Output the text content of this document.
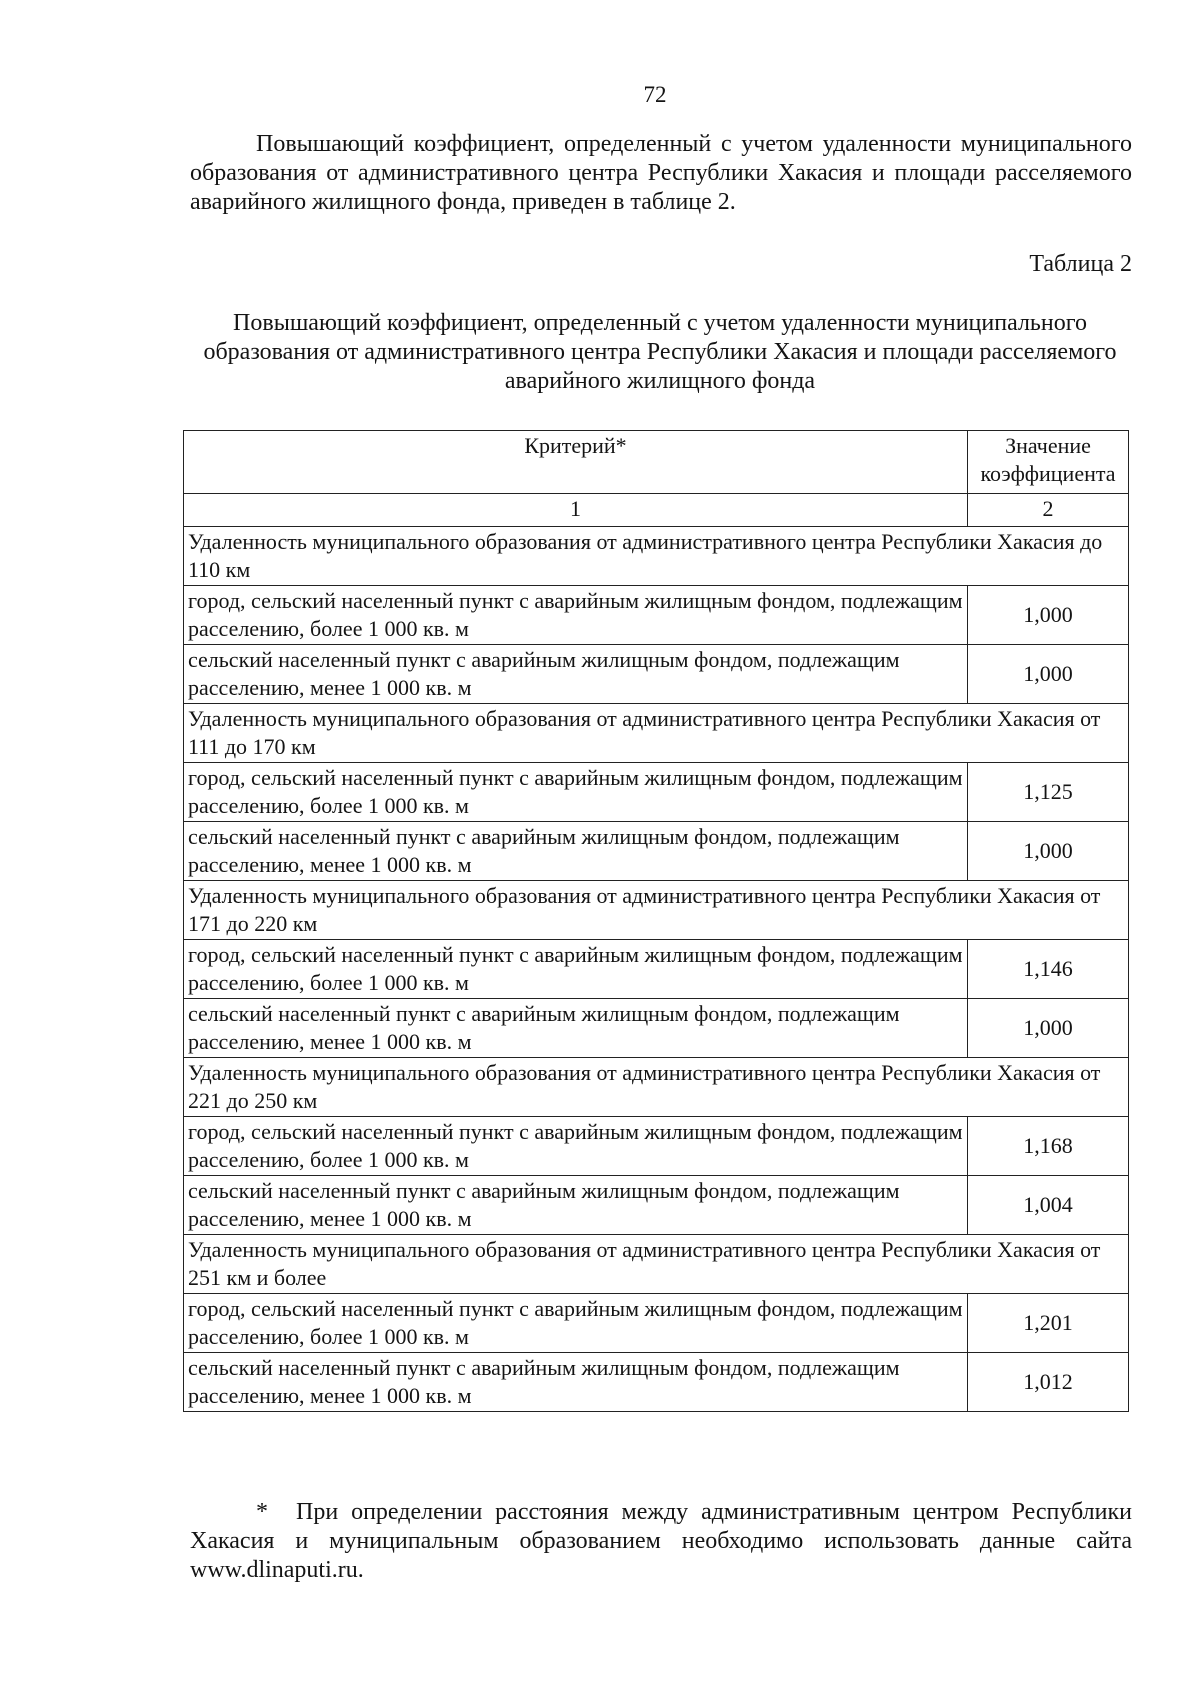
72

Повышающий коэффициент, определенный с учетом удаленности муниципального образования от административного центра Республики Хакасия и площади расселяемого аварийного жилищного фонда, приведен в таблице 2.

Таблица 2
Повышающий коэффициент, определенный с учетом удаленности муниципального образования от административного центра Республики Хакасия и площади расселяемого аварийного жилищного фонда
Критерий*	Значение коэффициента
1	2
Удаленность муниципального образования от административного центра Республики Хакасия до 110 км	
город, сельский населенный пункт с аварийным жилищным фондом, подлежащим расселению, более 1 000 кв. м	1,000
сельский населенный пункт с аварийным жилищным фондом, подлежащим расселению, менее 1 000 кв. м	1,000
Удаленность муниципального образования от административного центра Республики Хакасия от 111 до 170 км	
город, сельский населенный пункт с аварийным жилищным фондом, подлежащим расселению, более 1 000 кв. м	1,125
сельский населенный пункт с аварийным жилищным фондом, подлежащим расселению, менее 1 000 кв. м	1,000
Удаленность муниципального образования от административного центра Республики Хакасия от 171 до 220 км	
город, сельский населенный пункт с аварийным жилищным фондом, подлежащим расселению, более 1 000 кв. м	1,146
сельский населенный пункт с аварийным жилищным фондом, подлежащим расселению, менее 1 000 кв. м	1,000
Удаленность муниципального образования от административного центра Республики Хакасия от 221 до 250 км	
город, сельский населенный пункт с аварийным жилищным фондом, подлежащим расселению, более 1 000 кв. м	1,168
сельский населенный пункт с аварийным жилищным фондом, подлежащим расселению, менее 1 000 кв. м	1,004
Удаленность муниципального образования от административного центра Республики Хакасия от 251 км и более	
город, сельский населенный пункт с аварийным жилищным фондом, подлежащим расселению, более 1 000 кв. м	1,201
сельский населенный пункт с аварийным жилищным фондом, подлежащим расселению, менее 1 000 кв. м	1,012

* При определении расстояния между административным центром Республики Хакасия и муниципальным образованием необходимо использовать данные сайта www.dlinaputi.ru.
